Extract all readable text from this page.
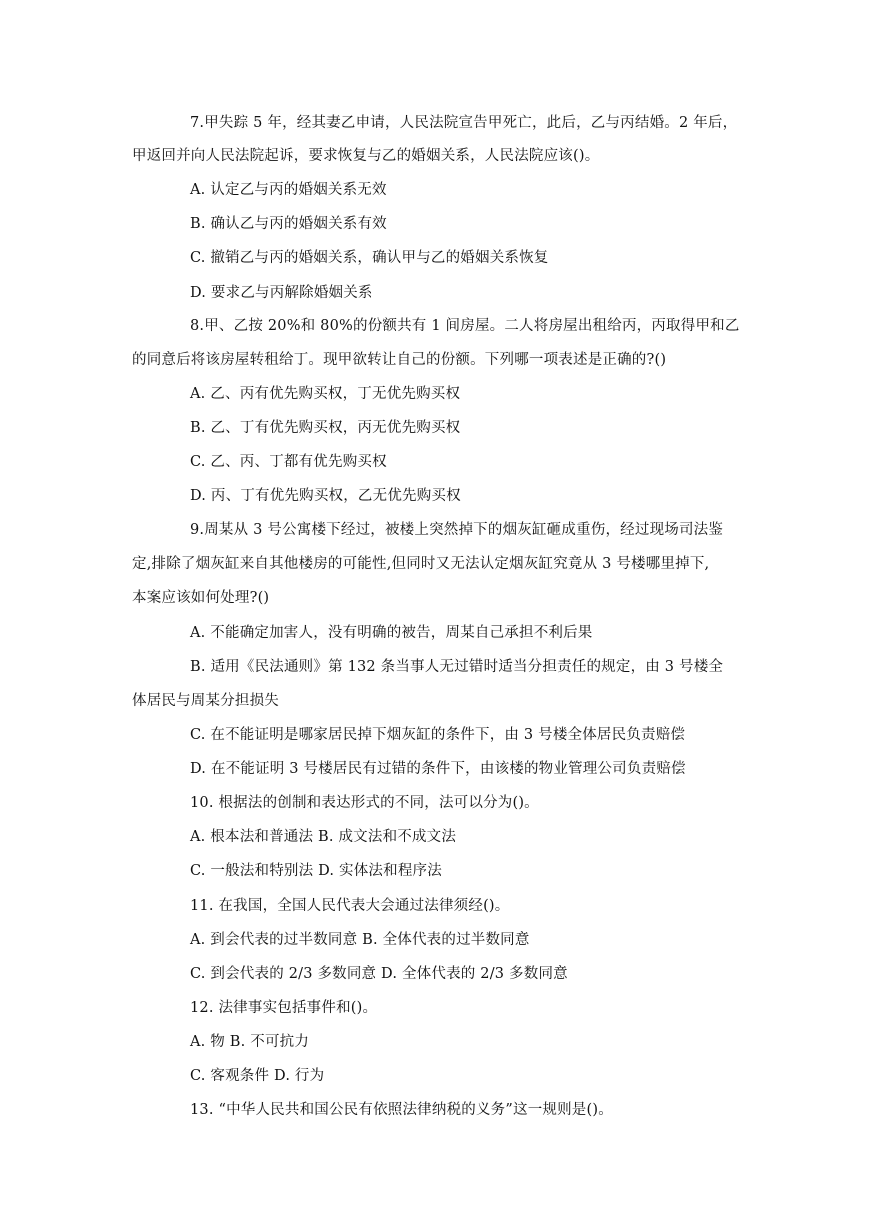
7.甲失踪 5 年，经其妻乙申请，人民法院宣告甲死亡，此后，乙与丙结婚。2 年后，
甲返回并向人民法院起诉，要求恢复与乙的婚姻关系，人民法院应该()。
A. 认定乙与丙的婚姻关系无效
B. 确认乙与丙的婚姻关系有效
C. 撤销乙与丙的婚姻关系，确认甲与乙的婚姻关系恢复
D. 要求乙与丙解除婚姻关系
8.甲、乙按 20%和 80%的份额共有 1 间房屋。二人将房屋出租给丙，丙取得甲和乙
的同意后将该房屋转租给丁。现甲欲转让自己的份额。下列哪一项表述是正确的?()
A. 乙、丙有优先购买权，丁无优先购买权
B. 乙、丁有优先购买权，丙无优先购买权
C. 乙、丙、丁都有优先购买权
D. 丙、丁有优先购买权，乙无优先购买权
9.周某从 3 号公寓楼下经过，被楼上突然掉下的烟灰缸砸成重伤，经过现场司法鉴
定,排除了烟灰缸来自其他楼房的可能性,但同时又无法认定烟灰缸究竟从 3 号楼哪里掉下,
本案应该如何处理?()
A. 不能确定加害人，没有明确的被告，周某自己承担不利后果
B. 适用《民法通则》第 132 条当事人无过错时适当分担责任的规定，由 3 号楼全
体居民与周某分担损失
C. 在不能证明是哪家居民掉下烟灰缸的条件下，由 3 号楼全体居民负责赔偿
D. 在不能证明 3 号楼居民有过错的条件下，由该楼的物业管理公司负责赔偿
10. 根据法的创制和表达形式的不同，法可以分为()。
A. 根本法和普通法 B. 成文法和不成文法
C. 一般法和特别法 D. 实体法和程序法
11. 在我国，全国人民代表大会通过法律须经()。
A. 到会代表的过半数同意 B. 全体代表的过半数同意
C. 到会代表的 2/3 多数同意 D. 全体代表的 2/3 多数同意
12. 法律事实包括事件和()。
A. 物 B. 不可抗力
C. 客观条件 D. 行为
13. “中华人民共和国公民有依照法律纳税的义务”这一规则是()。
